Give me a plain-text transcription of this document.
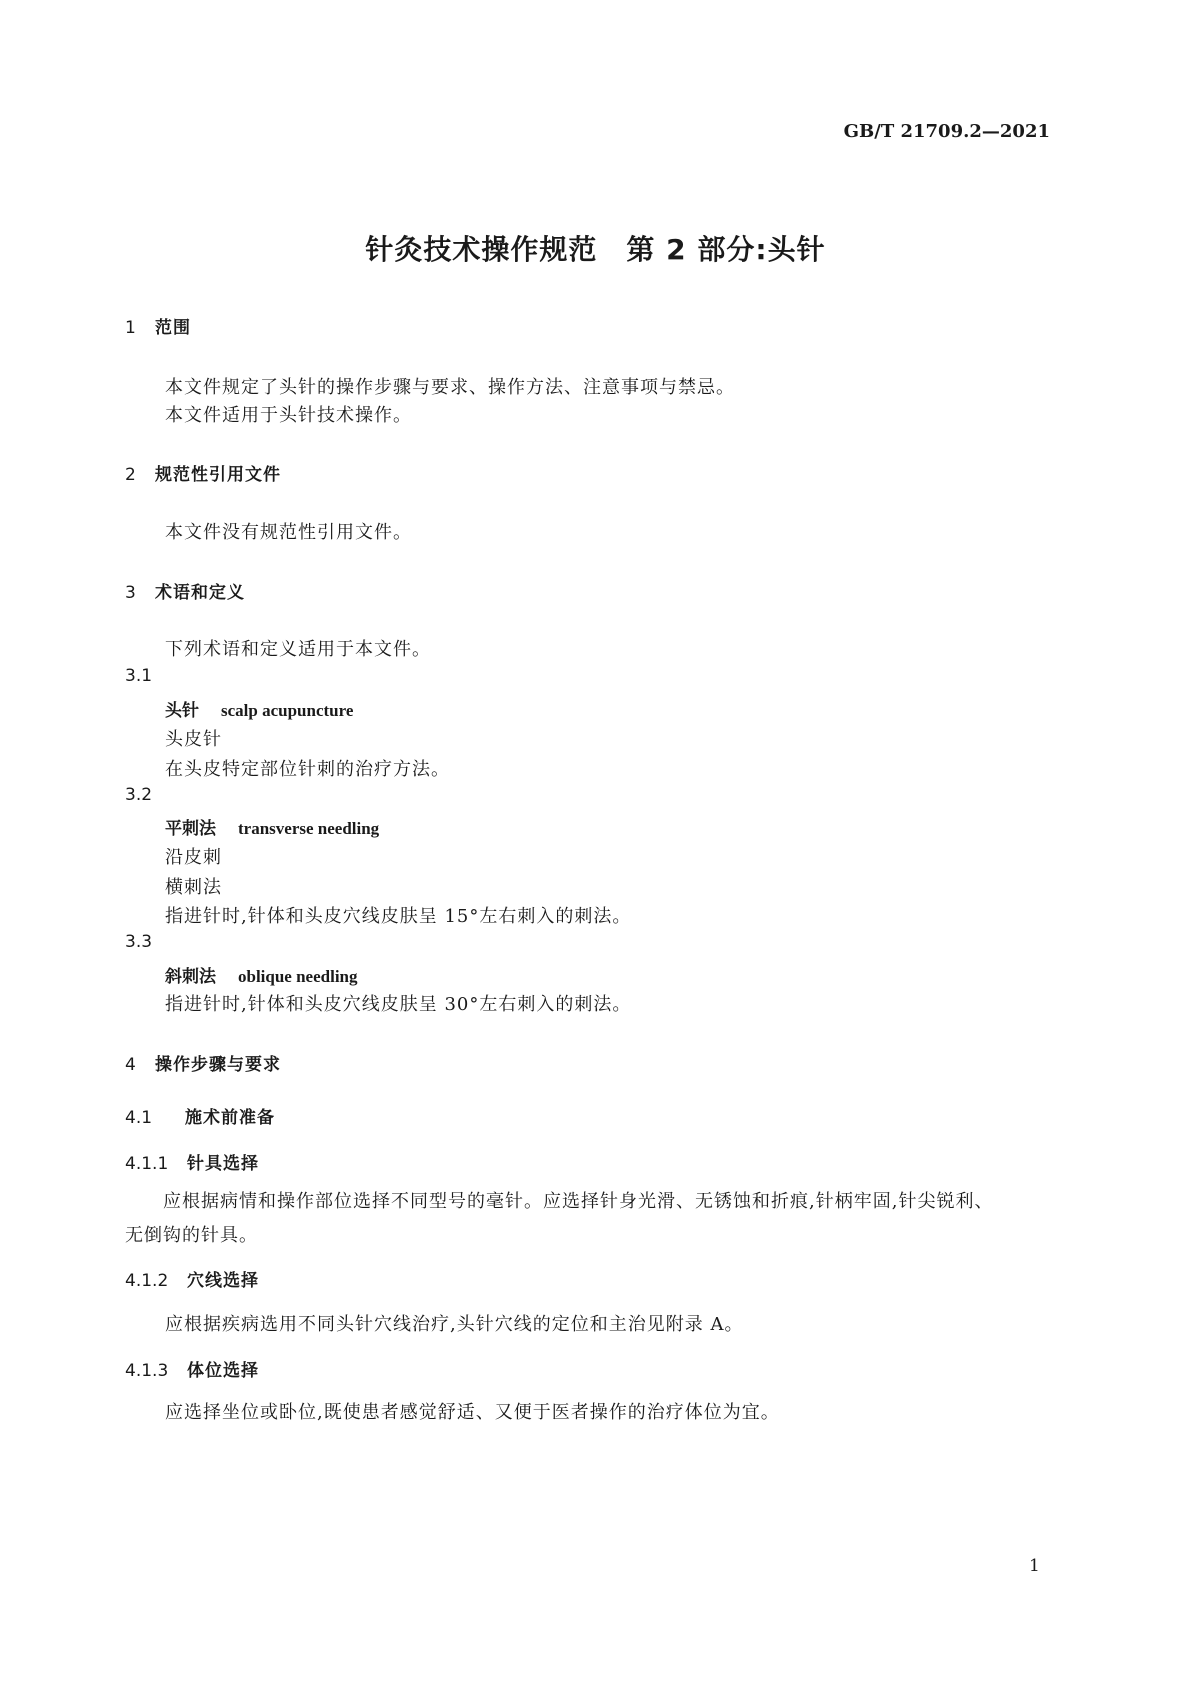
GB/T 21709.2—2021
针灸技术操作规范　第 2 部分:头针
1 范围
本文件规定了头针的操作步骤与要求、操作方法、注意事项与禁忌。
本文件适用于头针技术操作。
2 规范性引用文件
本文件没有规范性引用文件。
3 术语和定义
下列术语和定义适用于本文件。
3.1
头针 scalp acupuncture
头皮针
在头皮特定部位针刺的治疗方法。
3.2
平刺法 transverse needling
沿皮刺
横刺法
指进针时,针体和头皮穴线皮肤呈 15°左右刺入的刺法。
3.3
斜刺法 oblique needling
指进针时,针体和头皮穴线皮肤呈 30°左右刺入的刺法。
4 操作步骤与要求
4.1 施术前准备
4.1.1 针具选择
应根据病情和操作部位选择不同型号的毫针。应选择针身光滑、无锈蚀和折痕,针柄牢固,针尖锐利、无倒钩的针具。
4.1.2 穴线选择
应根据疾病选用不同头针穴线治疗,头针穴线的定位和主治见附录 A。
4.1.3 体位选择
应选择坐位或卧位,既使患者感觉舒适、又便于医者操作的治疗体位为宜。
1
